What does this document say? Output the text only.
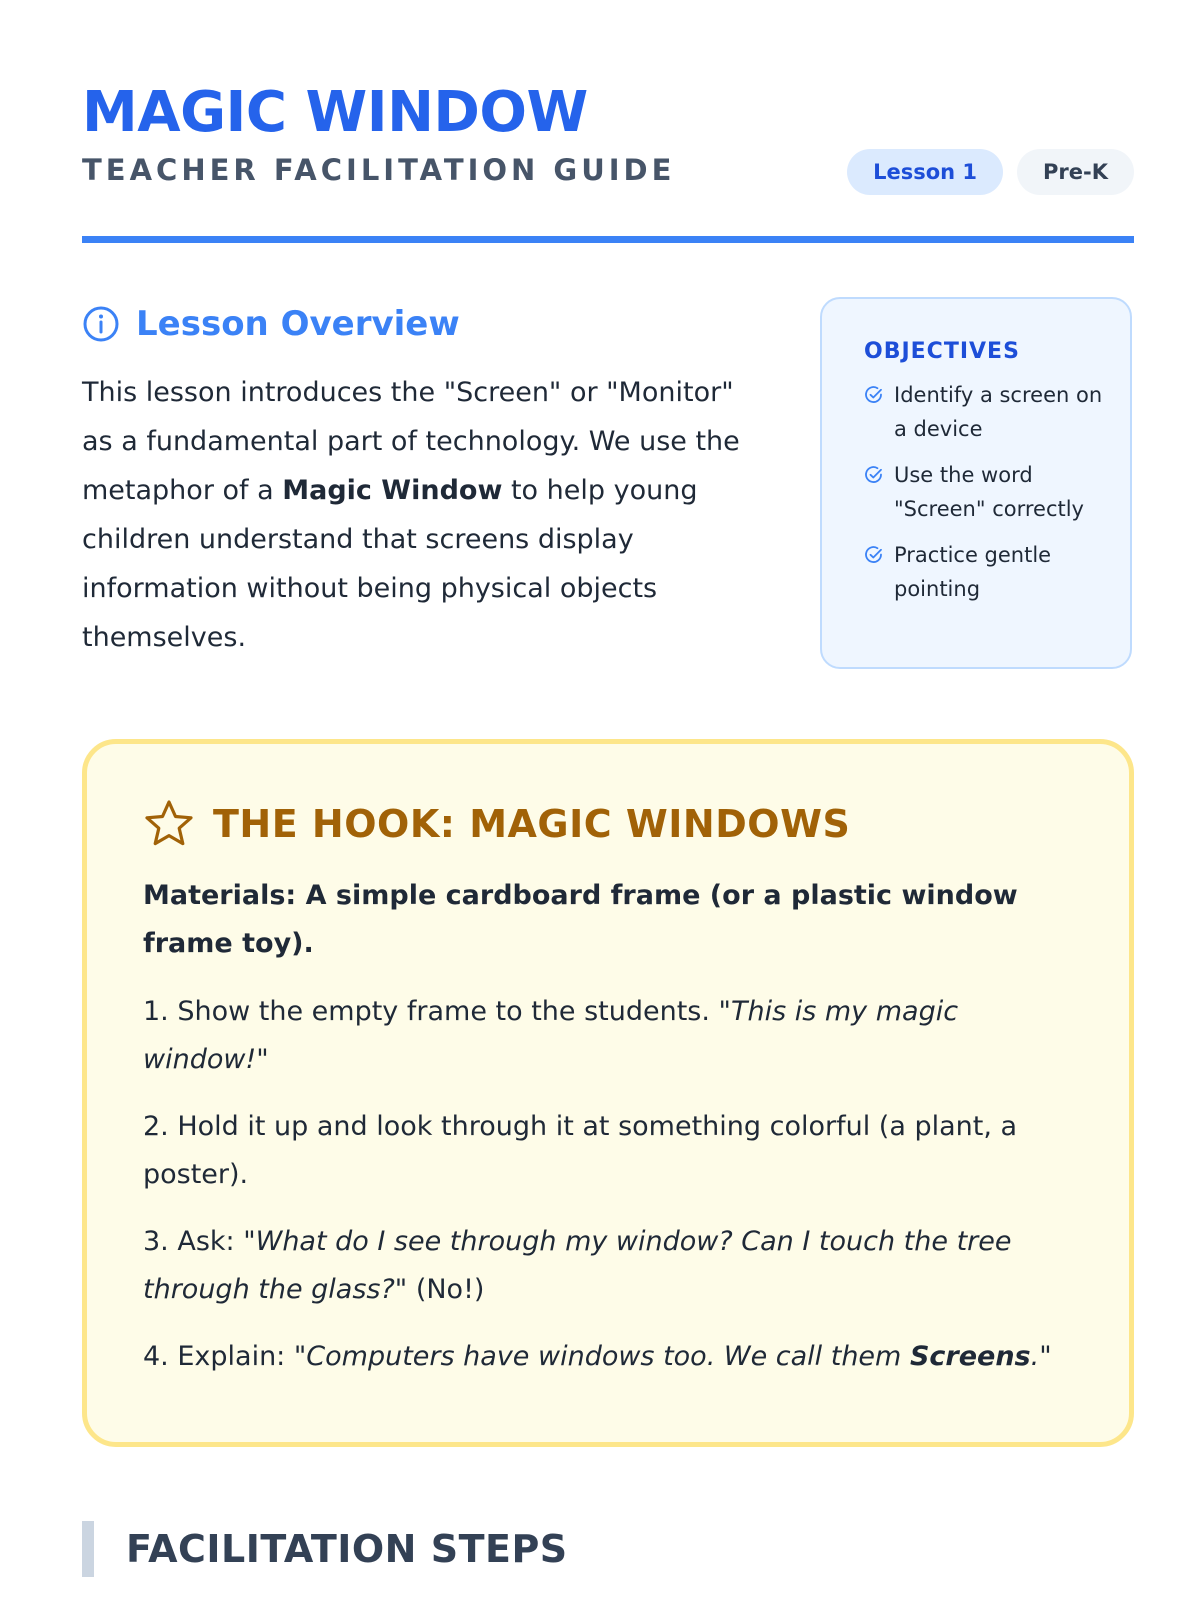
MAGIC WINDOW
TEACHER FACILITATION GUIDE	Lesson 1	Pre-K
Lesson Overview

This lesson introduces the "Screen" or "Monitor" as a fundamental part of technology. We use the metaphor of a Magic Window to help young children understand that screens display information without being physical objects themselves.

OBJECTIVES
Identify a screen on a device
Use the word "Screen" correctly
Practice gentle pointing
THE HOOK: MAGIC WINDOWS

Materials: A simple cardboard frame (or a plastic window frame toy).

1. Show the empty frame to the students. "This is my magic window!"
2. Hold it up and look through it at something colorful (a plant, a poster).
3. Ask: "What do I see through my window? Can I touch the tree through the glass?" (No!)
4. Explain: "Computers have windows too. We call them Screens."
FACILITATION STEPS
